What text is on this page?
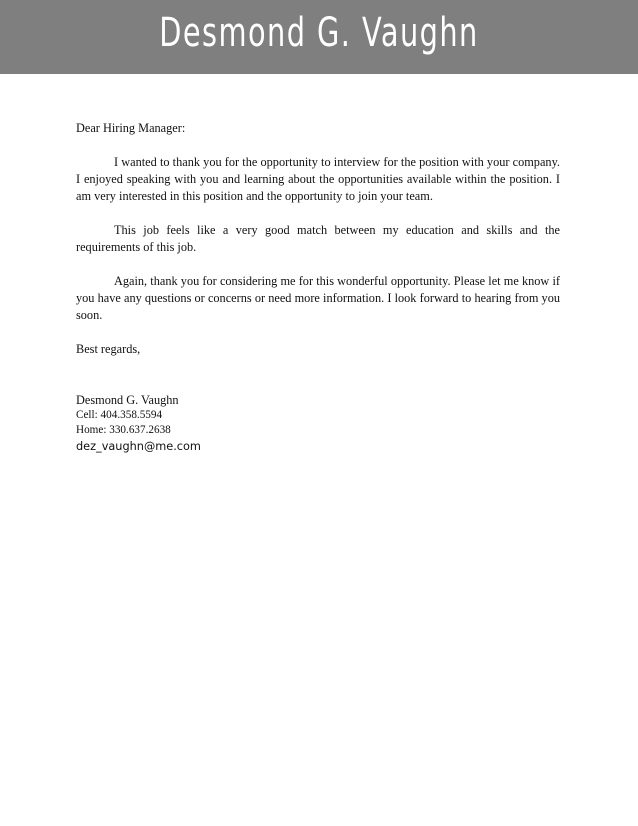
Desmond G. Vaughn

Dear Hiring Manager:

I wanted to thank you for the opportunity to interview for the position with your company. I enjoyed speaking with you and learning about the opportunities available within the position. I am very interested in this position and the opportunity to join your team.

This job feels like a very good match between my education and skills and the requirements of this job.

Again, thank you for considering me for this wonderful opportunity. Please let me know if you have any questions or concerns or need more information. I look forward to hearing from you soon.

Best regards,

Desmond G. Vaughn
Cell: 404.358.5594
Home: 330.637.2638
dez_vaughn@me.com
